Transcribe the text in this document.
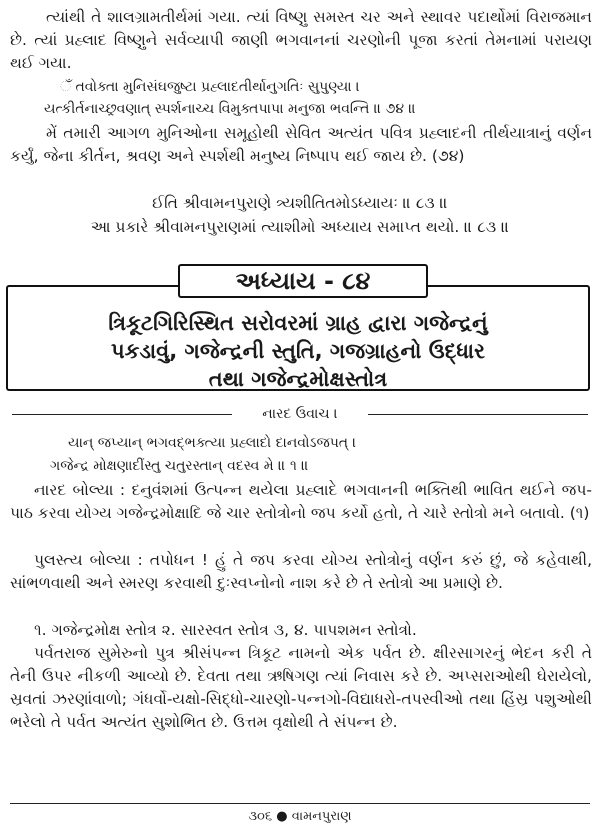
ત્યાંથી તે શાલગ્રામતીર્થમાં ગયા. ત્યાં વિષ્ણુ સમસ્ત ચર અને સ્થાવર પદાર્થોમાં વિરાજમાન છે. ત્યાં પ્રહ્લાદ વિષ્ણુને સર્વવ્યાપી જાણી ભગવાનનાં ચરણોની પૂજા કરતાં તેમનામાં પરાયણ થઈ ગયા.

ઁ તવોક્તા મુનિસંઘજુષ્ટા પ્રહ્લાદતીર્થાનુગતિઃ સુપુણ્યા ।

યત્કીર્તનાચ્છ્રવણાત્ સ્પર્શનાચ્ચ વિમુક્તપાપા મનુજા ભવન્તિ ॥ ૭૪ ॥

મેં તમારી આગળ મુનિઓના સમૂહોથી સેવિત અત્યંત પવિત્ર પ્રહ્લાદની તીર્થયાત્રાનું વર્ણન કર્યું, જેના કીર્તન, શ્રવણ અને સ્પર્શથી મનુષ્ય નિષ્પાપ થઈ જાય છે. (૭૪)

ઈતિ શ્રીવામનપુરાણે ત્ર્યશીતિતમોઽધ્યાયઃ ॥ ૮૩ ॥

આ પ્રકારે શ્રીવામનપુરાણમાં ત્યાશીમો અધ્યાય સમાપ્ત થયો. ॥ ૮૩ ॥

ત્રિકૂટગિરિસ્થિત સરોવરમાં ગ્રાહ દ્વારા ગજેન્દ્રનું
પકડાવું, ગજેન્દ્રની સ્તુતિ, ગજગ્રાહનો ઉદ્ધાર
તથા ગજેન્દ્રમોક્ષસ્તોત્ર
અધ્યાય - ૮૪
નારદ ઉવાચ ।

યાન્ જપ્યાન્ ભગવદ્ભક્ત્યા પ્રહ્લાદો દાનવોઽજપત્ ।

ગજેન્દ્ર મોક્ષણાદીંસ્તુ ચતુરસ્તાન્ વદસ્વ મે ॥ ૧ ॥

નારદ બોલ્યા : દનુવંશમાં ઉત્પન્ન થયેલા પ્રહ્લાદે ભગવાનની ભક્તિથી ભાવિત થઈને જપ-પાઠ કરવા યોગ્ય ગજેન્દ્રમોક્ષાદિ જે ચાર સ્તોત્રોનો જપ કર્યો હતો, તે ચારે સ્તોત્રો મને બતાવો. (૧)

પુલસ્ત્ય બોલ્યા : તપોધન ! હું તે જપ કરવા યોગ્ય સ્તોત્રોનું વર્ણન કરું છું, જે કહેવાથી, સાંભળવાથી અને સ્મરણ કરવાથી દુઃસ્વપ્નોનો નાશ કરે છે તે સ્તોત્રો આ પ્રમાણે છે.

૧. ગજેન્દ્રમોક્ષ સ્તોત્ર ૨. સારસ્વત સ્તોત્ર ૩, ૪. પાપશમન સ્તોત્રો.

પર્વતરાજ સુમેરુનો પુત્ર શ્રીસંપન્ન ત્રિકૂટ નામનો એક પર્વત છે. ક્ષીરસાગરનું ભેદન કરી તે તેની ઉપર નીકળી આવ્યો છે. દેવતા તથા ઋષિગણ ત્યાં નિવાસ કરે છે. અપ્સરાઓથી ઘેરાયેલો, સ્રવતાં ઝરણાંવાળો; ગંધર્વો-યક્ષો-સિદ્ધો-ચારણો-પન્નગો-વિદ્યાધરો-તપસ્વીઓ તથા હિંસ્ર પશુઓથી ભરેલો તે પર્વત અત્યંત સુશોભિત છે. ઉત્તમ વૃક્ષોથી તે સંપન્ન છે.

૩૦૬ ● વામનપુરાણ
